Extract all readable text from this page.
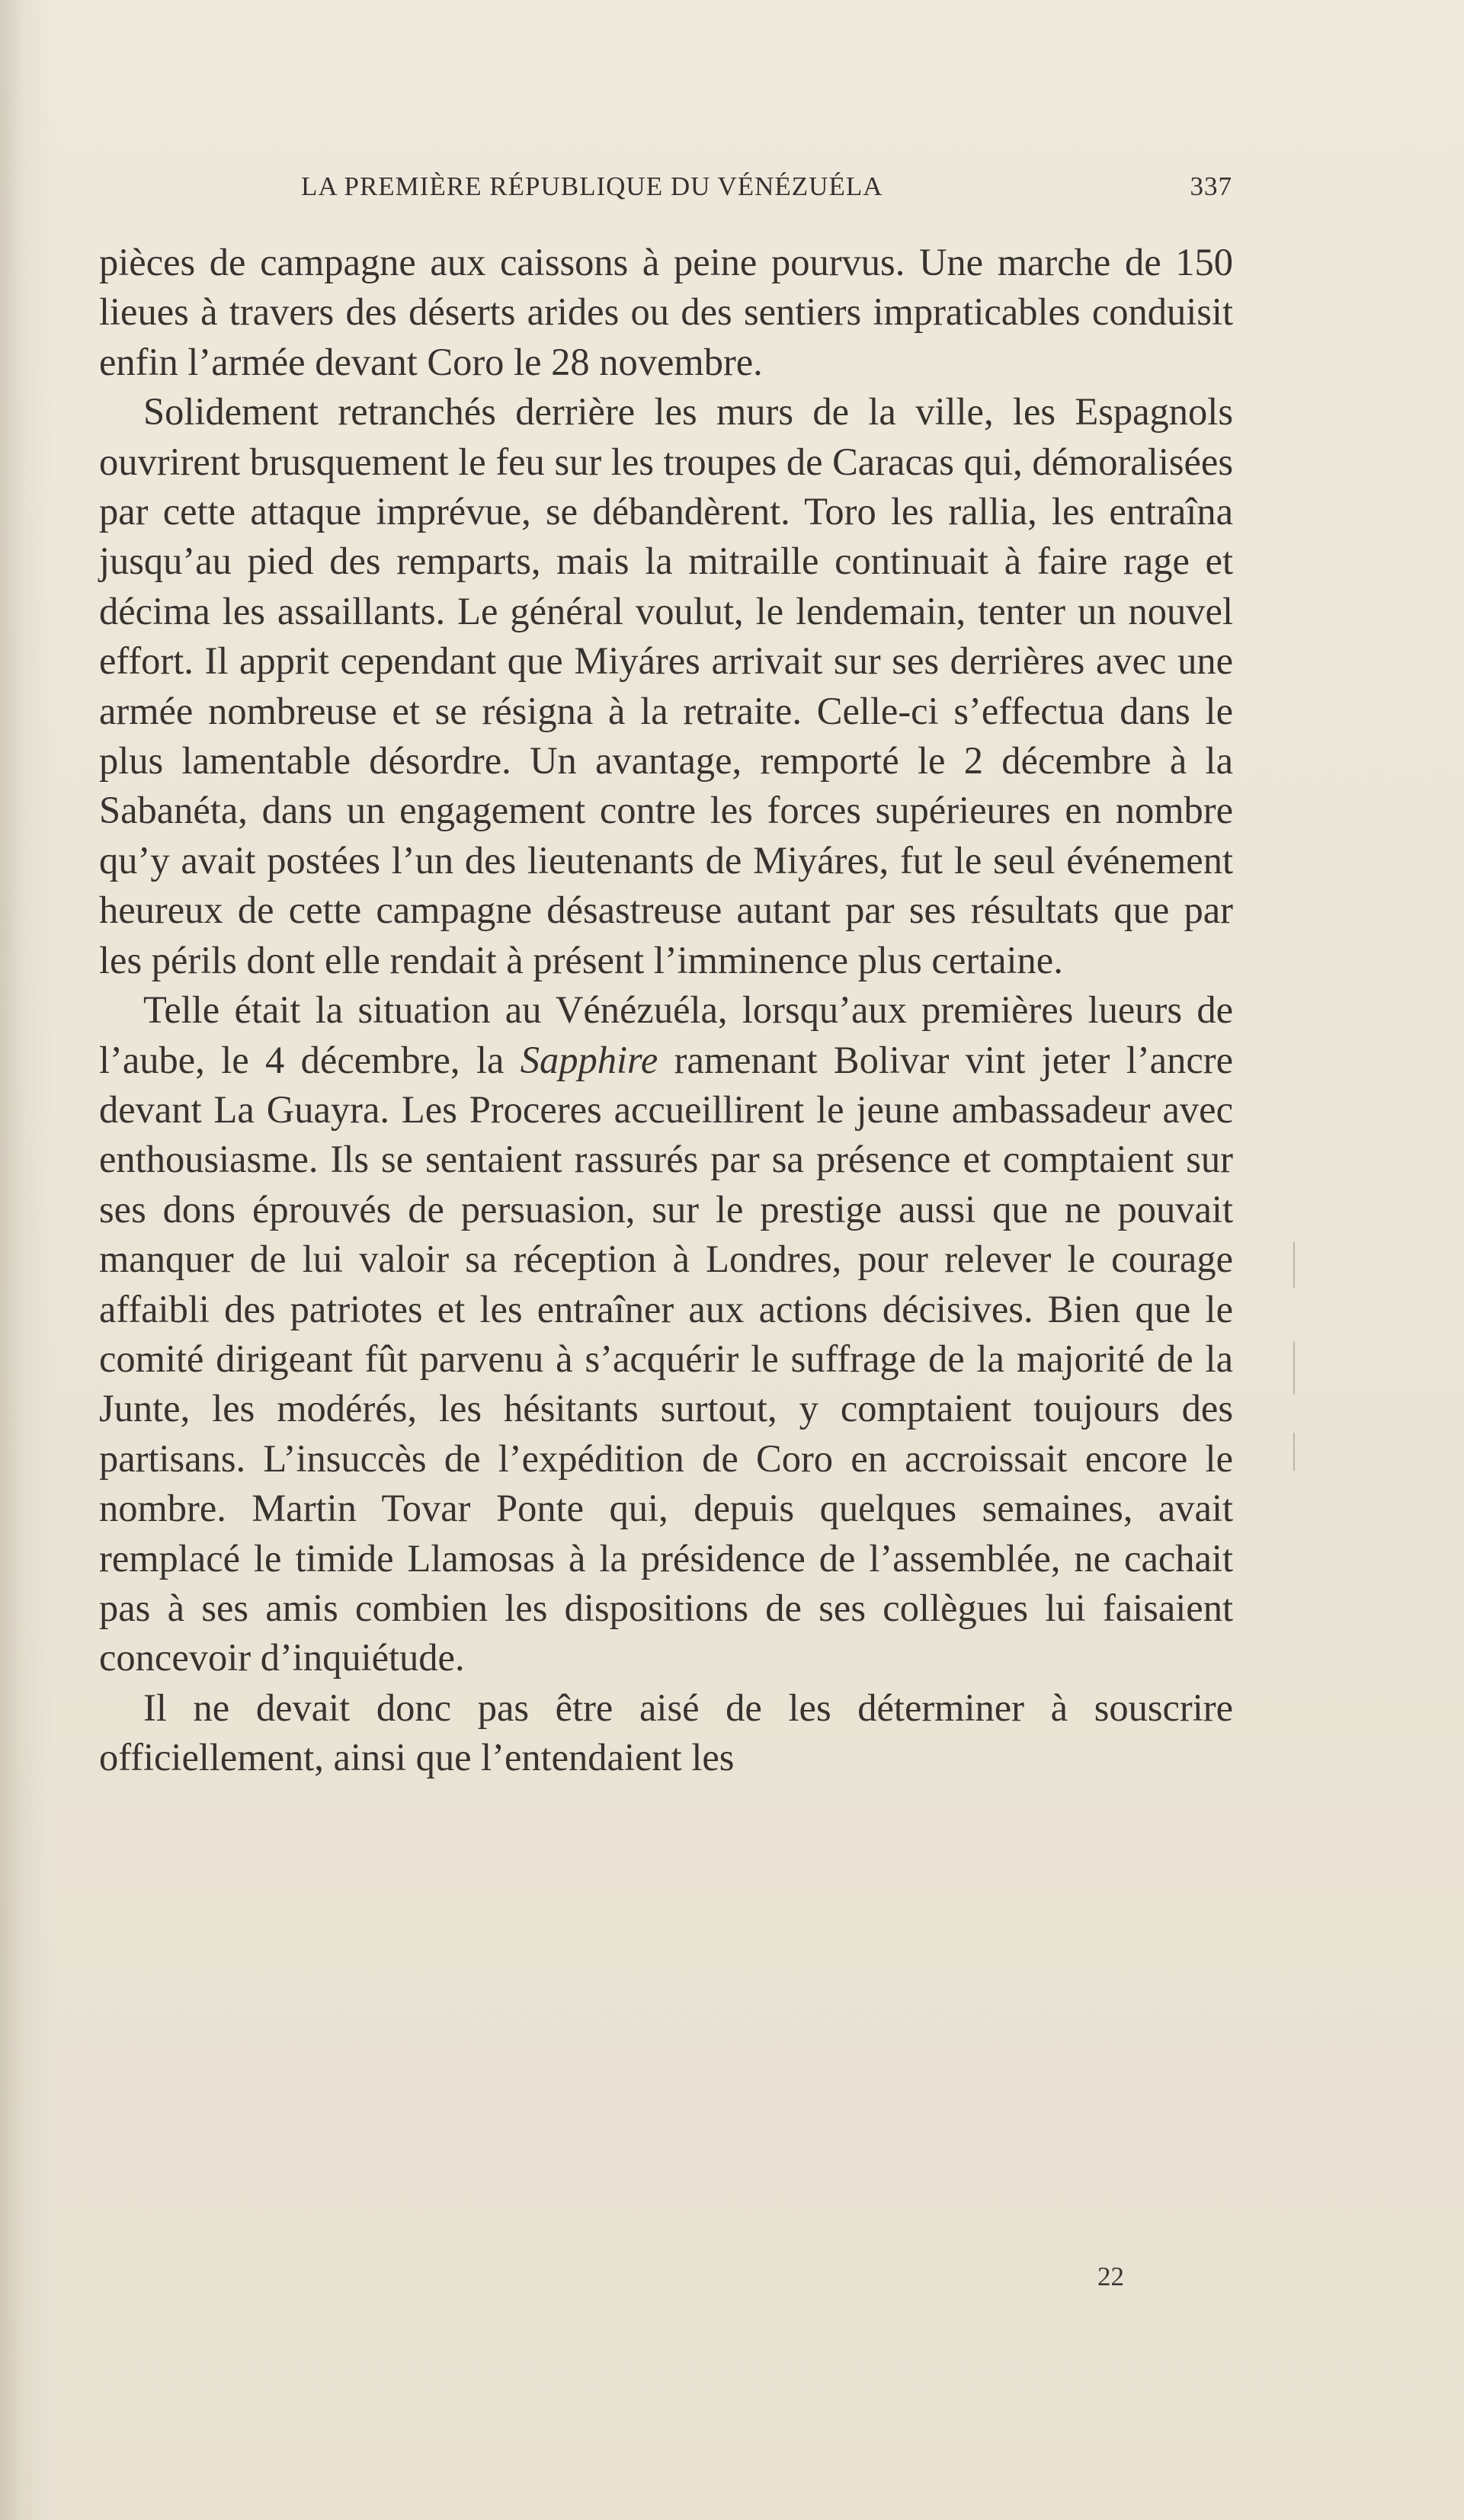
LA PREMIÈRE RÉPUBLIQUE DU VÉNÉZUÉLA	337

pièces de campagne aux caissons à peine pourvus. Une marche de 150 lieues à travers des déserts arides ou des sentiers impraticables conduisit enfin l’armée devant Coro le 28 novembre.

Solidement retranchés derrière les murs de la ville, les Espagnols ouvrirent brusquement le feu sur les troupes de Caracas qui, démoralisées par cette attaque imprévue, se débandèrent. Toro les rallia, les entraîna jusqu’au pied des remparts, mais la mitraille continuait à faire rage et décima les assaillants. Le général voulut, le lendemain, tenter un nouvel effort. Il apprit cependant que Miyáres arrivait sur ses derrières avec une armée nombreuse et se résigna à la retraite. Celle-ci s’effectua dans le plus lamentable désordre. Un avantage, remporté le 2 décembre à la Sabanéta, dans un engagement contre les forces supérieures en nombre qu’y avait postées l’un des lieutenants de Miyáres, fut le seul événement heureux de cette campagne désastreuse autant par ses résultats que par les périls dont elle rendait à présent l’imminence plus certaine.

Telle était la situation au Vénézuéla, lorsqu’aux premières lueurs de l’aube, le 4 décembre, la Sapphire ramenant Bolivar vint jeter l’ancre devant La Guayra. Les Proceres accueillirent le jeune ambassadeur avec enthousiasme. Ils se sentaient rassurés par sa présence et comptaient sur ses dons éprouvés de persuasion, sur le prestige aussi que ne pouvait manquer de lui valoir sa réception à Londres, pour relever le courage affaibli des patriotes et les entraîner aux actions décisives. Bien que le comité dirigeant fût parvenu à s’acquérir le suffrage de la majorité de la Junte, les modérés, les hésitants surtout, y comptaient toujours des partisans. L’insuccès de l’expédition de Coro en accroissait encore le nombre. Martin Tovar Ponte qui, depuis quelques semaines, avait remplacé le timide Llamosas à la présidence de l’assemblée, ne cachait pas à ses amis combien les dispositions de ses collègues lui faisaient concevoir d’inquiétude.

Il ne devait donc pas être aisé de les déterminer à souscrire officiellement, ainsi que l’entendaient les

22
